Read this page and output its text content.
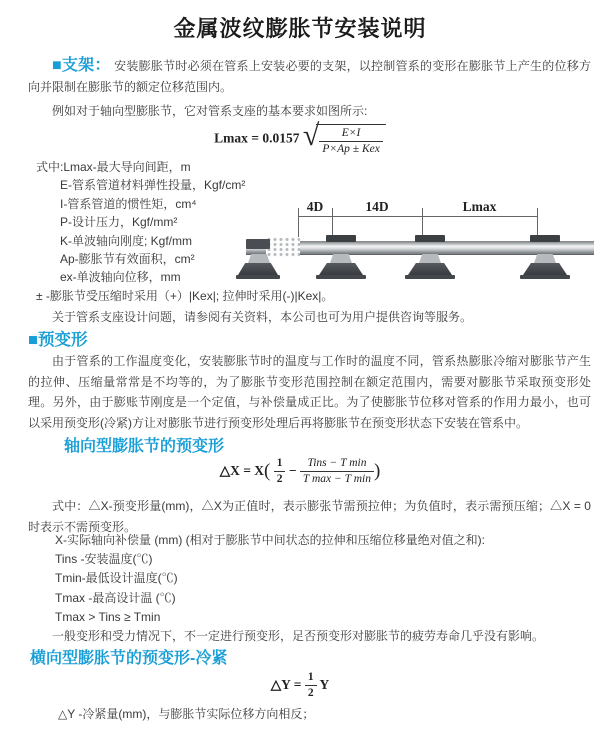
金属波纹膨胀节安装说明
■支架： 安装膨胀节时必须在管系上安装必要的支架，以控制管系的变形在膨胀节上产生的位移方向并限制在膨胀节的额定位移范围内。
例如对于轴向型膨胀节，它对管系支座的基本要求如图所示:
Lmax = 0.0157 √ $\frac{E\times I}{\text{P×Ap ± Kex}}$
式中:Lmax-最大导向间距，m
E-管系管道材料弹性投量，Kgf/cm²
I-管系管道的惯性矩，cm⁴
P-设计压力，Kgf/mm²
K-单波轴向刚度; Kgf/mm
Ap-膨胀节有效面积，cm²
ex-单波轴向位移，mm
± -膨胀节受压缩时采用（+）|Kex|; 拉伸时采用(-)|Kex|。
关于管系支座设计问题，请参阅有关资料，本公司也可为用户提供咨询等服务。
4D	14D	Lmax
■预变形
由于管系的工作温度变化，安装膨胀节时的温度与工作时的温度不同，管系热膨胀冷缩对膨胀节产生的拉伸、压缩量常常是不均等的，为了膨胀节变形范围控制在额定范围内，需要对膨胀节采取预变形处理。另外，由于膨账节刚度是一个定值，与补偿量成正比。为了使膨胀节位移对管系的作用力最小，也可以采用预变形(冷紧)方让对膨胀节进行预变形处理后再将膨胀节在预变形状态下安装在管系中。
轴向型膨胀节的预变形
△X = $X( \frac{1}{2} - \frac{\text{Tins − T min}}{\text{T max − T min}}$ )
式中：△X-预变形量(mm)，△X为正值时，表示膨张节需预拉伸；为负值时，表示需预压缩；△X = 0时表示不需预变形。
X-实际轴向补偿量 (mm) (相对于膨胀节中间状态的拉伸和压缩位移量绝对值之和):
Tins -安装温度(℃)
Tmin-最低设计温度(℃)
Tmax -最高设计温 (℃)
Tmax > Tins ≥ Tmin
一般变形和受力情况下，不一定进行预变形，足否预变形对膨胀节的疲劳寿命几乎没有影响。
横向型膨胀节的预变形-冷紧
△Y = $\frac{1}{2}$ Y
△Y -冷紧量(mm)，与膨胀节实际位移方向相反；
